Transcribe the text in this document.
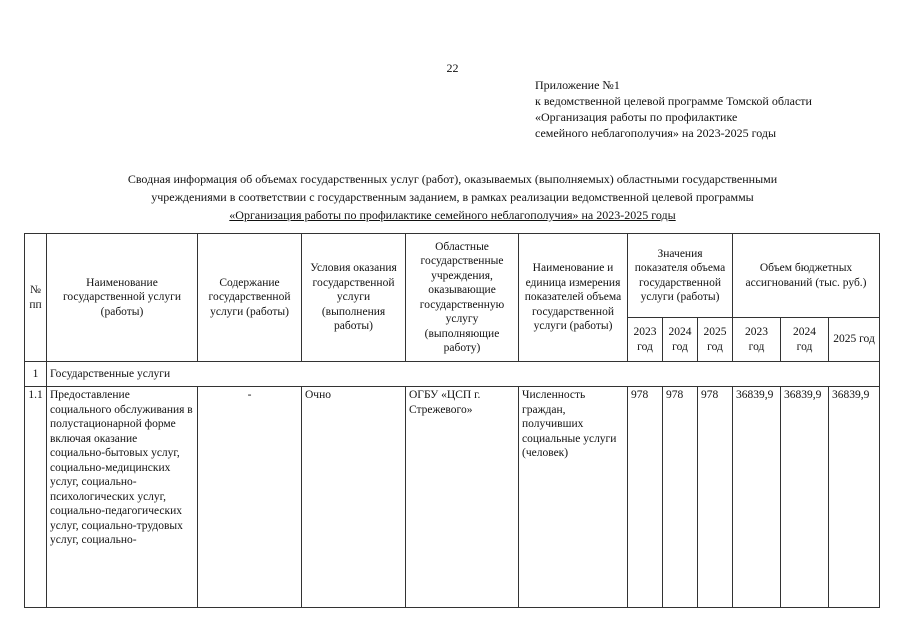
22
Приложение №1
к ведомственной целевой программе Томской области
«Организация работы по профилактике
семейного неблагополучия» на 2023-2025 годы
Сводная информация об объемах государственных услуг (работ), оказываемых (выполняемых) областными государственными
учреждениями в соответствии с государственным заданием, в рамках реализации ведомственной целевой программы
«Организация работы по профилактике семейного неблагополучия» на 2023-2025 годы
№ пп	Наименование государственной услуги (работы)	Содержание государственной услуги (работы)	Условия оказания государственной услуги (выполнения работы)	Областные государственные учреждения, оказывающие государственную услугу (выполняющие работу)	Наименование и единица измерения показателей объема государственной услуги (работы)	Значения показателя объема государственной услуги (работы)			Объем бюджетных ассигнований (тыс. руб.)		
						2023 год	2024 год	2025 год	2023 год	2024 год	2025 год
1	Государственные услуги										
1.1	Предоставление социального обслуживания в полустационарной форме включая оказание социально-бытовых услуг, социально-медицинских услуг, социально-психологических услуг, социально-педагогических услуг, социально-трудовых услуг, социально-	-	Очно	ОГБУ «ЦСП г. Стрежевого»	Численность граждан, получивших социальные услуги (человек)	978	978	978	36839,9	36839,9	36839,9
